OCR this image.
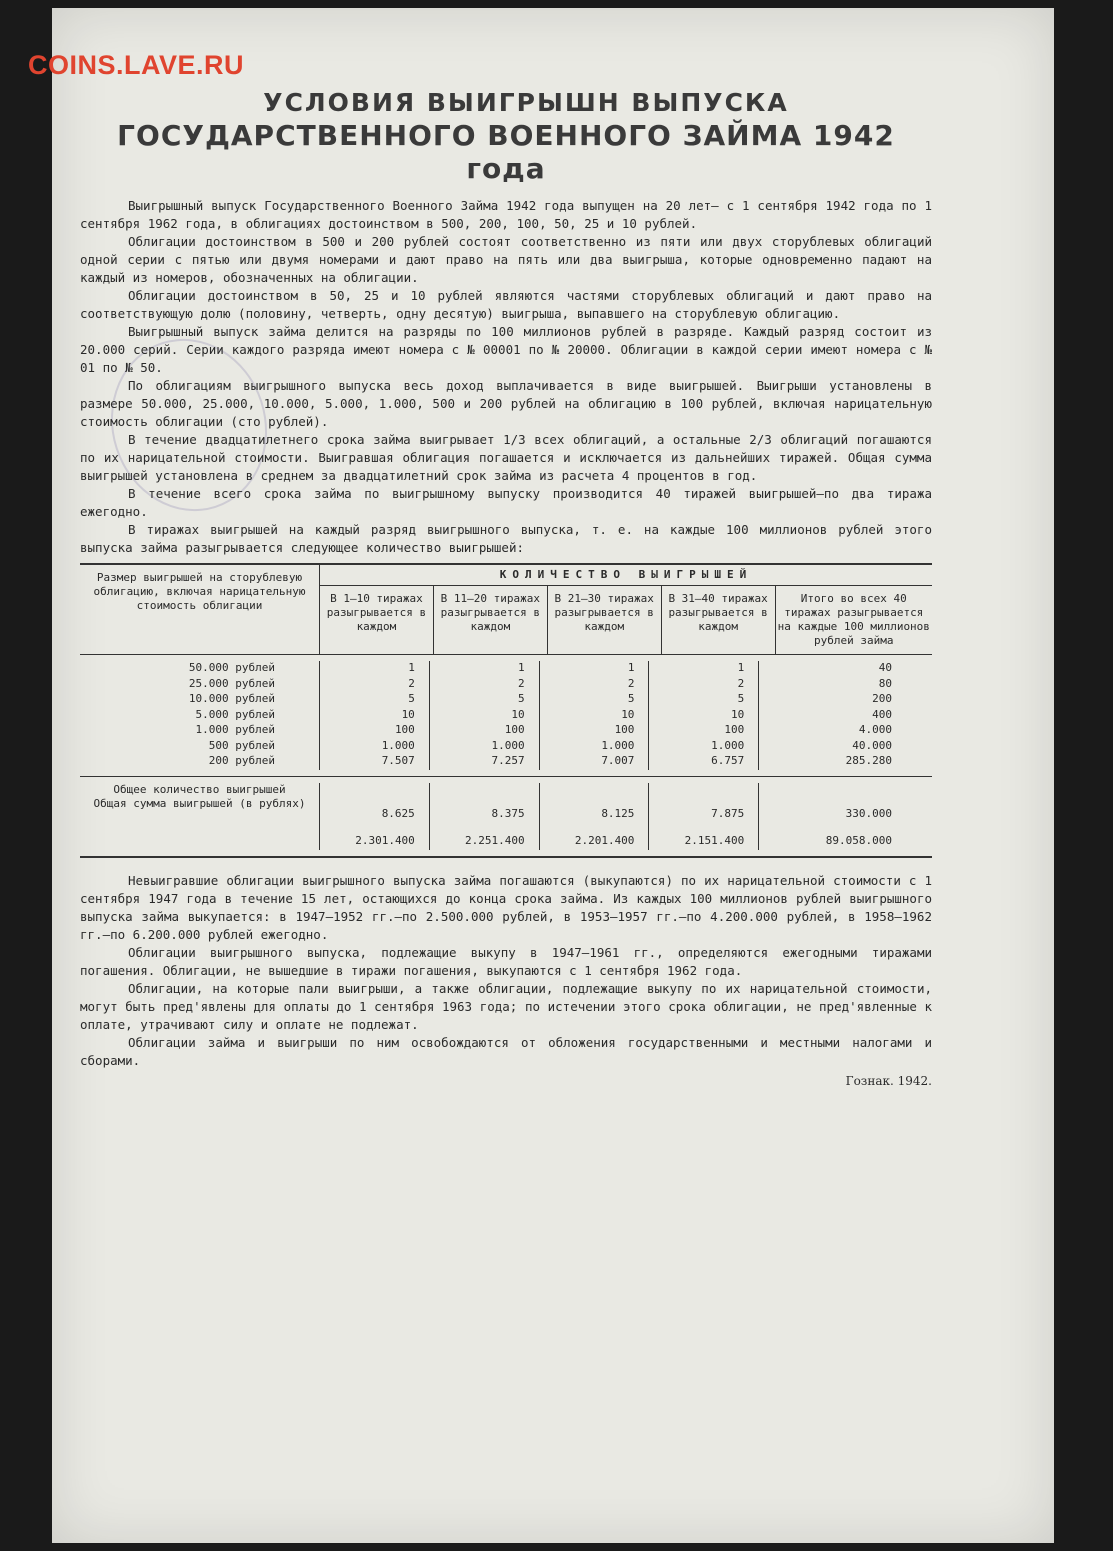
COINS.LAVE.RU
УСЛОВИЯ ВЫИГРЫШН ВЫПУСКА
ГОСУДАРСТВЕННОГО ВОЕННОГО ЗАЙМА 1942 года

Выигрышный выпуск Государственного Военного Займа 1942 года выпущен на 20 лет— с 1 сентября 1942 года по 1 сентября 1962 года, в облигациях достоинством в 500, 200, 100, 50, 25 и 10 рублей.

Облигации достоинством в 500 и 200 рублей состоят соответственно из пяти или двух сторублевых облигаций одной серии с пятью или двумя номерами и дают право на пять или два выигрыша, которые одновременно падают на каждый из номеров, обозначенных на облигации.

Облигации достоинством в 50, 25 и 10 рублей являются частями сторублевых облигаций и дают право на соответствующую долю (половину, четверть, одну десятую) выигрыша, выпавшего на сторублевую облигацию.

Выигрышный выпуск займа делится на разряды по 100 миллионов рублей в разряде. Каждый разряд состоит из 20.000 серий. Серии каждого разряда имеют номера с № 00001 по № 20000. Облигации в каждой серии имеют номера с № 01 по № 50.

По облигациям выигрышного выпуска весь доход выплачивается в виде выигрышей. Выигрыши установлены в размере 50.000, 25.000, 10.000, 5.000, 1.000, 500 и 200 рублей на облигацию в 100 рублей, включая нарицательную стоимость облигации (сто рублей).

В течение двадцатилетнего срока займа выигрывает 1/3 всех облигаций, а остальные 2/3 облигаций погашаются по их нарицательной стоимости. Выигравшая облигация погашается и исключается из дальнейших тиражей. Общая сумма выигрышей установлена в среднем за двадцатилетний срок займа из расчета 4 процентов в год.

В течение всего срока займа по выигрышному выпуску производится 40 тиражей выигрышей—по два тиража ежегодно.

В тиражах выигрышей на каждый разряд выигрышного выпуска, т. е. на каждые 100 миллионов рублей этого выпуска займа разыгрывается следующее количество выигрышей:

Размер выигрышей на сторублевую облигацию, включая нарицательную стоимость облигации
КОЛИЧЕСТВО ВЫИГРЫШЕЙ
В 1—10 тиражах разыгрывается в каждом
В 11—20 тиражах разыгрывается в каждом
В 21—30 тиражах разыгрывается в каждом
В 31—40 тиражах разыгрывается в каждом
Итого во всех 40 тиражах разыгрывается на каждые 100 миллионов рублей займа
50.000 рублей
25.000 рублей
10.000 рублей
5.000 рублей
1.000 рублей
500 рублей
200 рублей
1
2
5
10
100
1.000
7.507
1
2
5
10
100
1.000
7.257
1
2
5
10
100
1.000
7.007
1
2
5
10
100
1.000
6.757
40
80
200
400
4.000
40.000
285.280
Общее количество выигрышей
Общая сумма выигрышей (в рублях)
8.625
2.301.400
8.375
2.251.400
8.125
2.201.400
7.875
2.151.400
330.000
89.058.000

Невыигравшие облигации выигрышного выпуска займа погашаются (выкупаются) по их нарицательной стоимости с 1 сентября 1947 года в течение 15 лет, остающихся до конца срока займа. Из каждых 100 миллионов рублей выигрышного выпуска займа выкупается: в 1947—1952 гг.—по 2.500.000 рублей, в 1953—1957 гг.—по 4.200.000 рублей, в 1958—1962 гг.—по 6.200.000 рублей ежегодно.

Облигации выигрышного выпуска, подлежащие выкупу в 1947—1961 гг., определяются ежегодными тиражами погашения. Облигации, не вышедшие в тиражи погашения, выкупаются с 1 сентября 1962 года.

Облигации, на которые пали выигрыши, а также облигации, подлежащие выкупу по их нарицательной стоимости, могут быть пред'явлены для оплаты до 1 сентября 1963 года; по истечении этого срока облигации, не пред'явленные к оплате, утрачивают силу и оплате не подлежат.

Облигации займа и выигрыши по ним освобождаются от обложения государственными и местными налогами и сборами.

Гознак. 1942.
